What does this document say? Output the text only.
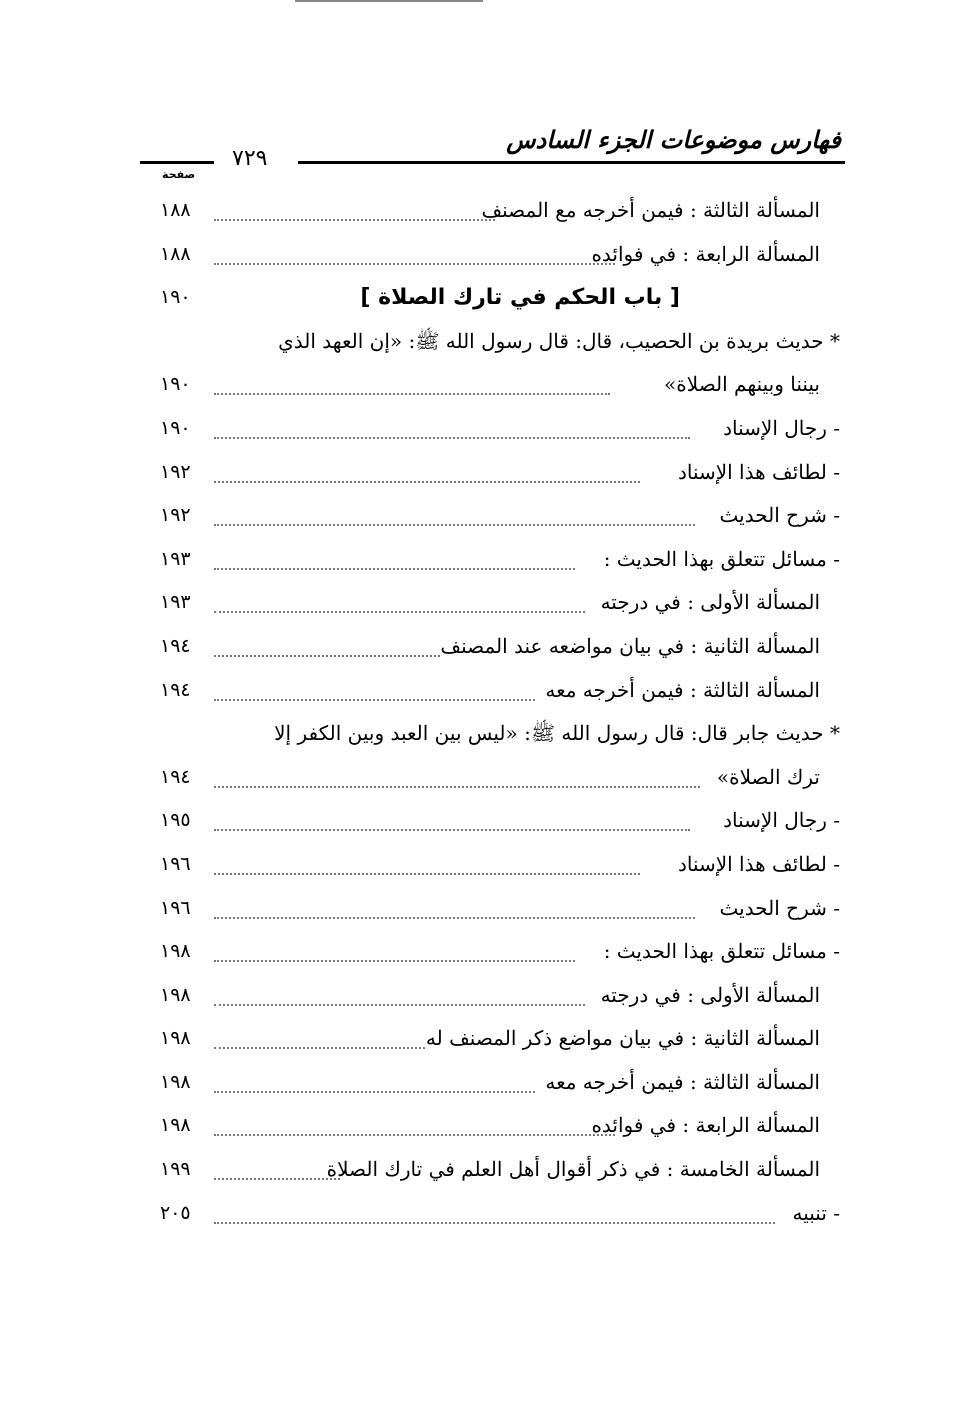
فهارس موضوعات الجزء السادس
٧٢٩
صفحة
١٨٨	المسألة الثالثة : فيمن أخرجه مع المصنف
١٨٨	المسألة الرابعة : في فوائده
١٩٠	[ باب الحكم في تارك الصلاة ]
* حديث بريدة بن الحصيب، قال: قال رسول الله ﷺ: «إن العهد الذي
١٩٠	بيننا وبينهم الصلاة»
١٩٠	- رجال الإسناد
١٩٢	- لطائف هذا الإسناد
١٩٢	- شرح الحديث
١٩٣	- مسائل تتعلق بهذا الحديث :
١٩٣	المسألة الأولى : في درجته
١٩٤	المسألة الثانية : في بيان مواضعه عند المصنف
١٩٤	المسألة الثالثة : فيمن أخرجه معه
* حديث جابر قال: قال رسول الله ﷺ: «ليس بين العبد وبين الكفر إلا
١٩٤	ترك الصلاة»
١٩٥	- رجال الإسناد
١٩٦	- لطائف هذا الإسناد
١٩٦	- شرح الحديث
١٩٨	- مسائل تتعلق بهذا الحديث :
١٩٨	المسألة الأولى : في درجته
١٩٨	المسألة الثانية : في بيان مواضع ذكر المصنف له
١٩٨	المسألة الثالثة : فيمن أخرجه معه
١٩٨	المسألة الرابعة : في فوائده
١٩٩	المسألة الخامسة : في ذكر أقوال أهل العلم في تارك الصلاة
٢٠٥	- تنبيه
